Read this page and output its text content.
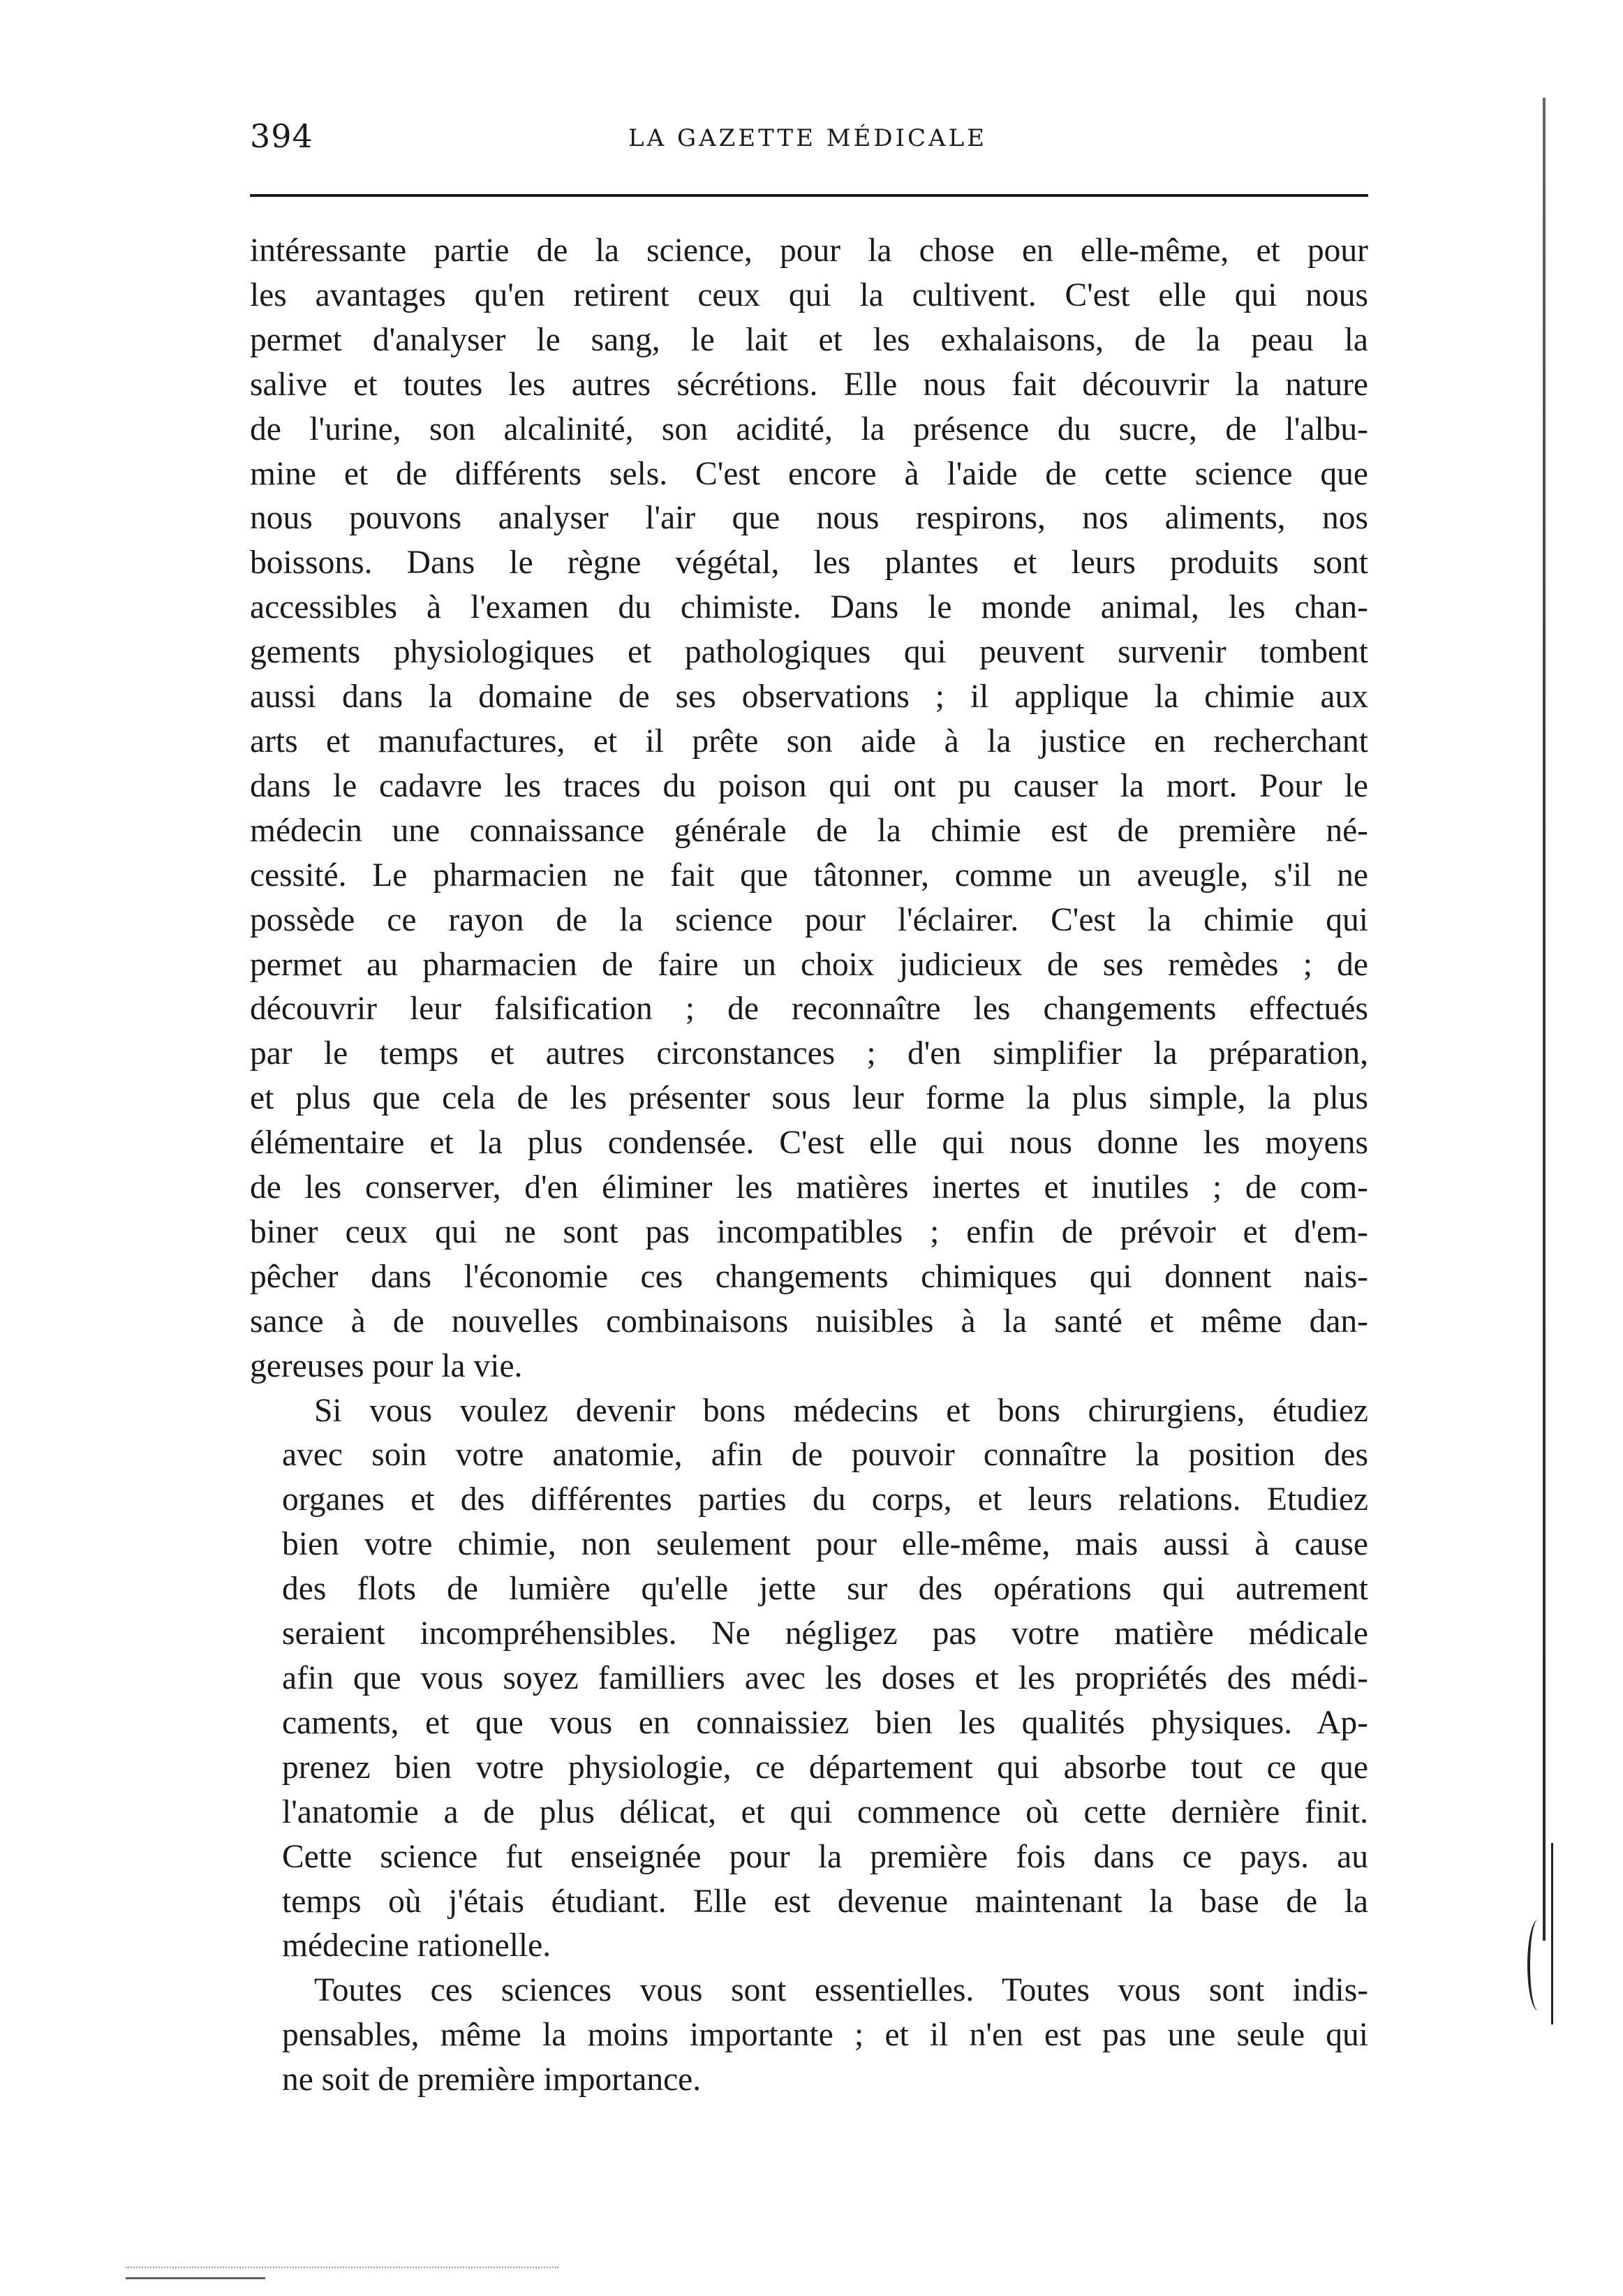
394	LA GAZETTE MÉDICALE

intéressante partie de la science, pour la chose en elle-même, et pour
les avantages qu'en retirent ceux qui la cultivent. C'est elle qui nous
permet d'analyser le sang, le lait et les exhalaisons, de la peau la
salive et toutes les autres sécrétions. Elle nous fait découvrir la nature
de l'urine, son alcalinité, son acidité, la présence du sucre, de l'albu-
mine et de différents sels. C'est encore à l'aide de cette science que
nous pouvons analyser l'air que nous respirons, nos aliments, nos
boissons. Dans le règne végétal, les plantes et leurs produits sont
accessibles à l'examen du chimiste. Dans le monde animal, les chan-
gements physiologiques et pathologiques qui peuvent survenir tombent
aussi dans la domaine de ses observations ; il applique la chimie aux
arts et manufactures, et il prête son aide à la justice en recherchant
dans le cadavre les traces du poison qui ont pu causer la mort. Pour le
médecin une connaissance générale de la chimie est de première né-
cessité. Le pharmacien ne fait que tâtonner, comme un aveugle, s'il ne
possède ce rayon de la science pour l'éclairer. C'est la chimie qui
permet au pharmacien de faire un choix judicieux de ses remèdes ; de
découvrir leur falsification ; de reconnaître les changements effectués
par le temps et autres circonstances ; d'en simplifier la préparation,
et plus que cela de les présenter sous leur forme la plus simple, la plus
élémentaire et la plus condensée. C'est elle qui nous donne les moyens
de les conserver, d'en éliminer les matières inertes et inutiles ; de com-
biner ceux qui ne sont pas incompatibles ; enfin de prévoir et d'em-
pêcher dans l'économie ces changements chimiques qui donnent nais-
sance à de nouvelles combinaisons nuisibles à la santé et même dan-
gereuses pour la vie.

Si vous voulez devenir bons médecins et bons chirurgiens, étudiez
avec soin votre anatomie, afin de pouvoir connaître la position des
organes et des différentes parties du corps, et leurs relations. Etudiez
bien votre chimie, non seulement pour elle-même, mais aussi à cause
des flots de lumière qu'elle jette sur des opérations qui autrement
seraient incompréhensibles. Ne négligez pas votre matière médicale
afin que vous soyez familliers avec les doses et les propriétés des médi-
caments, et que vous en connaissiez bien les qualités physiques. Ap-
prenez bien votre physiologie, ce département qui absorbe tout ce que
l'anatomie a de plus délicat, et qui commence où cette dernière finit.
Cette science fut enseignée pour la première fois dans ce pays. au
temps où j'étais étudiant. Elle est devenue maintenant la base de la
médecine rationelle.

Toutes ces sciences vous sont essentielles. Toutes vous sont indis-
pensables, même la moins importante ; et il n'en est pas une seule qui
ne soit de première importance.
